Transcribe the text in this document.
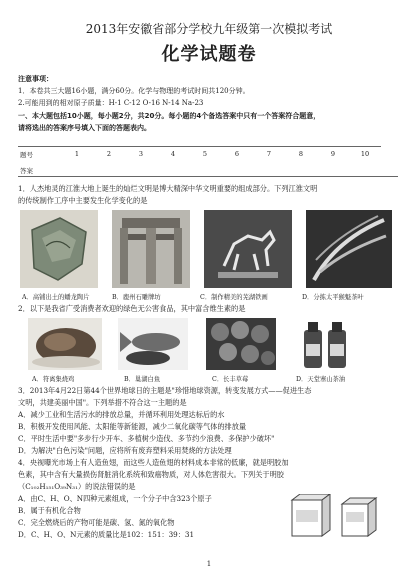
2013年安徽省部分学校九年级第一次模拟考试
化学试题卷
注意事项：
1．本卷共三大题16小题，满分60分。化学与物理的考试时间共120分钟。
2.可能用到的相对原子质量：H-1 C-12 O-16 N-14 Na-23
一、本大题包括10小题，每小题2分，共20分。每小题的4个备选答案中只有一个答案符合题意，
请将选出的答案序号填入下面的答题表内。
题号	1	2	3	4	5	6	7	8	9	10
答案
1．人杰地灵的江淮大地上诞生的灿烂文明是博大精深中华文明重要的组成部分。下列江淮文明
的传统制作工序中主要发生化学变化的是
A．高铺出土的蟠龙陶片	B．鹿州石雕牌坊	C．制作精美的芜湖铁画	D．分拣太平猴魁茶叶
2．以下是我省广受消费者欢迎的绿色无公害食品，其中富含维生素的是
A．符离集烧鸡	B．巢湖白鱼	C．长丰草莓	D．天堂寨山茶油
3．2013年4月22日第44个世界地球日的主题是"珍惜地球资源，转变发展方式——促进生态
文明，共建美丽中国"。下列举措不符合这一主题的是
A．减少工业和生活污水的排放总量，并循环利用处理达标后的水
B．积极开发使用风能、太阳能等新能源，减少二氧化碳等气体的排放量
C．平时生活中要"多步行少开车、多植树少造伐、多节约少浪费、多保护少破坏"
D．为解决"白色污染"问题，应将所有废弃塑料采用焚烧的方法处理
4．央视曝光市场上有人造鱼翅，而这些人造鱼翅的材料成本非常的低廉，就是明胶加
色素，其中含有大量损伤肾脏消化系统和致癌物质，对人体危害很大。下列关于明胶
（C₁₀₂H₁₅₁O₃₉N₃₁）的说法错误的是
A．由C、H、O、N四种元素组成，一个分子中含323个原子
B．属于有机化合物
C．完全燃烧后的产物可能是碳、氢、氮的氧化物
D．C、H、O、N元素的质量比是102：151：39：31
1
